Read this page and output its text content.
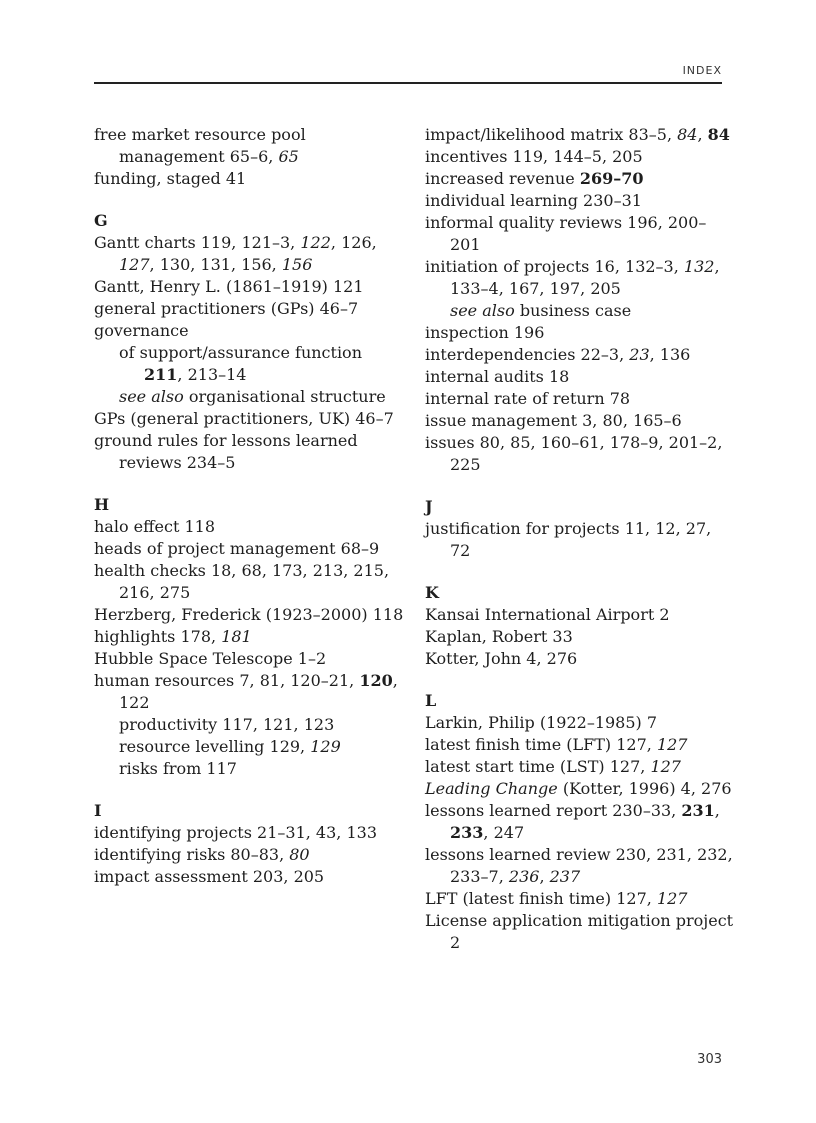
INDEX

free market resource pool management 65–6, 65

funding, staged 41

G

Gantt charts 119, 121–3, 122, 126, 127, 130, 131, 156, 156

Gantt, Henry L. (1861–1919) 121

general practitioners (GPs) 46–7

governance

of support/assurance function 211, 213–14

see also organisational structure

GPs (general practitioners, UK) 46–7

ground rules for lessons learned reviews 234–5

H

halo effect 118

heads of project management 68–9

health checks 18, 68, 173, 213, 215, 216, 275

Herzberg, Frederick (1923–2000) 118

highlights 178, 181

Hubble Space Telescope 1–2

human resources 7, 81, 120–21, 120, 122

productivity 117, 121, 123

resource levelling 129, 129

risks from 117

I

identifying projects 21–31, 43, 133

identifying risks 80–83, 80

impact assessment 203, 205

impact/likelihood matrix 83–5, 84, 84

incentives 119, 144–5, 205

increased revenue 269–70

individual learning 230–31

informal quality reviews 196, 200–201

initiation of projects 16, 132–3, 132, 133–4, 167, 197, 205

see also business case

inspection 196

interdependencies 22–3, 23, 136

internal audits 18

internal rate of return 78

issue management 3, 80, 165–6

issues 80, 85, 160–61, 178–9, 201–2, 225

J

justification for projects 11, 12, 27, 72

K

Kansai International Airport 2

Kaplan, Robert 33

Kotter, John 4, 276

L

Larkin, Philip (1922–1985) 7

latest finish time (LFT) 127, 127

latest start time (LST) 127, 127

Leading Change (Kotter, 1996) 4, 276

lessons learned report 230–33, 231, 233, 247

lessons learned review 230, 231, 232, 233–7, 236, 237

LFT (latest finish time) 127, 127

License application mitigation project 2

303
